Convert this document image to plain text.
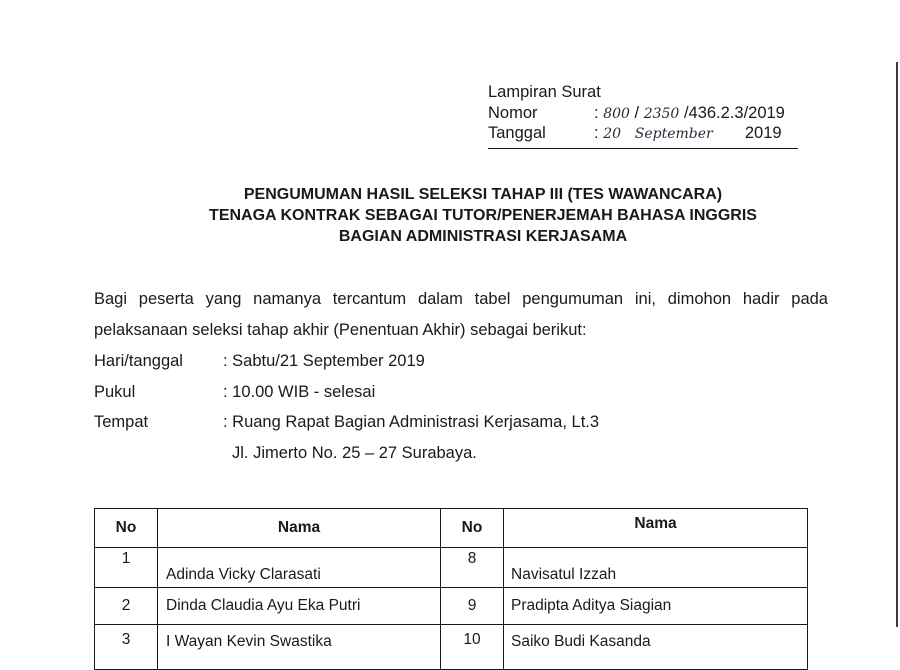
Lampiran Surat
Nomor	: 800 / 2350 /436.2.3/2019
Tanggal	: 20 September 2019
PENGUMUMAN HASIL SELEKSI TAHAP III (TES WAWANCARA)
TENAGA KONTRAK SEBAGAI TUTOR/PENERJEMAH BAHASA INGGRIS
BAGIAN ADMINISTRASI KERJASAMA
Bagi peserta yang namanya tercantum dalam tabel pengumuman ini, dimohon hadir pada
pelaksanaan seleksi tahap akhir (Penentuan Akhir) sebagai berikut:
Hari/tanggal : Sabtu/21 September 2019
Pukul	: 10.00 WIB - selesai
Tempat	: Ruang Rapat Bagian Administrasi Kerjasama, Lt.3
Jl. Jimerto No. 25 – 27 Surabaya.
No	Nama	No	Nama
1	Adinda Vicky Clarasati	8	Navisatul Izzah
2	Dinda Claudia Ayu Eka Putri	9	Pradipta Aditya Siagian
3	I Wayan Kevin Swastika	10	Saiko Budi Kasanda
